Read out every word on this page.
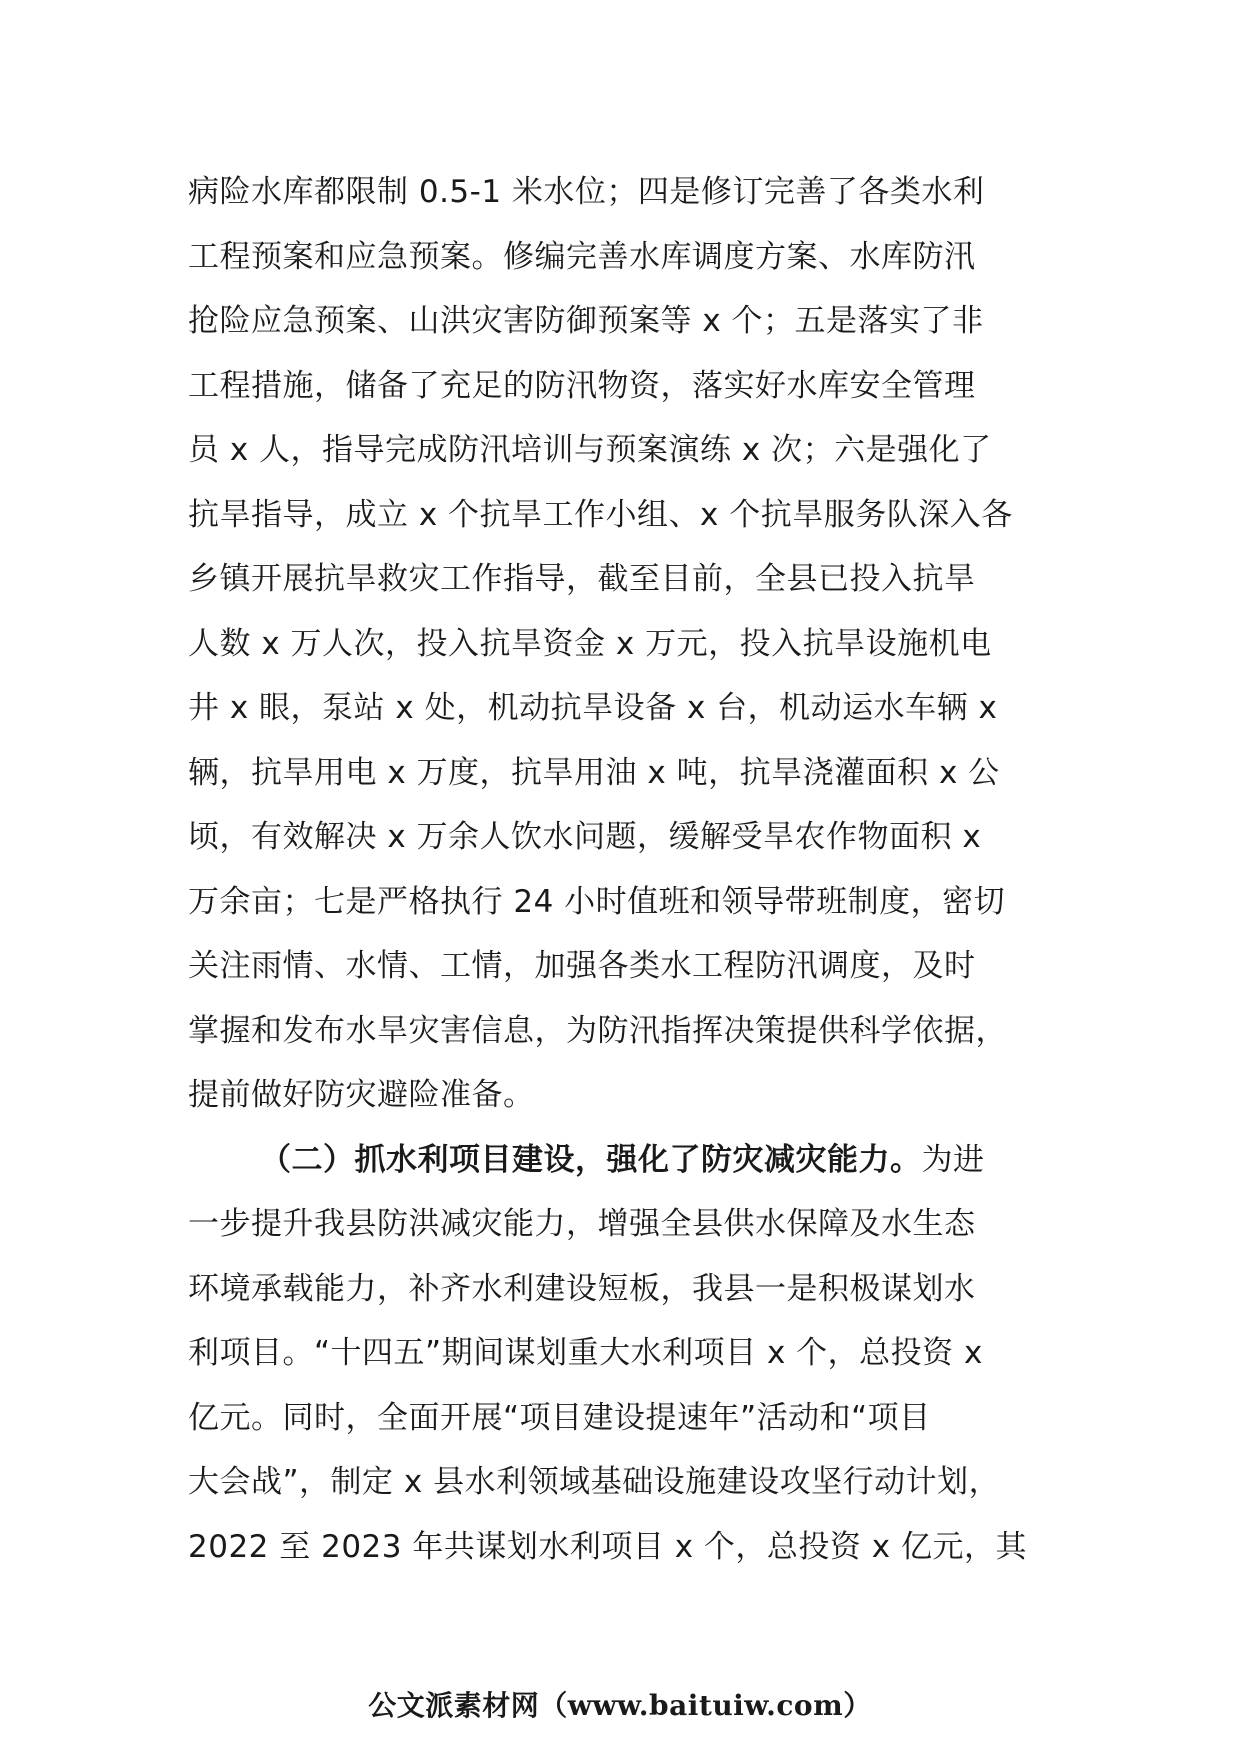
病险水库都限制 0.5-1 米水位；四是修订完善了各类水利
工程预案和应急预案。修编完善水库调度方案、水库防汛
抢险应急预案、山洪灾害防御预案等 x 个；五是落实了非
工程措施，储备了充足的防汛物资，落实好水库安全管理
员 x 人，指导完成防汛培训与预案演练 x 次；六是强化了
抗旱指导，成立 x 个抗旱工作小组、x 个抗旱服务队深入各
乡镇开展抗旱救灾工作指导，截至目前，全县已投入抗旱
人数 x 万人次，投入抗旱资金 x 万元，投入抗旱设施机电
井 x 眼，泵站 x 处，机动抗旱设备 x 台，机动运水车辆 x
辆，抗旱用电 x 万度，抗旱用油 x 吨，抗旱浇灌面积 x 公
顷，有效解决 x 万余人饮水问题，缓解受旱农作物面积 x
万余亩；七是严格执行 24 小时值班和领导带班制度，密切
关注雨情、水情、工情，加强各类水工程防汛调度，及时
掌握和发布水旱灾害信息，为防汛指挥决策提供科学依据，
提前做好防灾避险准备。
（二）抓水利项目建设，强化了防灾减灾能力。为进
一步提升我县防洪减灾能力，增强全县供水保障及水生态
环境承载能力，补齐水利建设短板，我县一是积极谋划水
利项目。“十四五”期间谋划重大水利项目 x 个，总投资 x
亿元。同时，全面开展“项目建设提速年”活动和“项目
大会战”，制定 x 县水利领域基础设施建设攻坚行动计划，
2022 至 2023 年共谋划水利项目 x 个，总投资 x 亿元，其
公文派素材网（www.baituiw.com）
